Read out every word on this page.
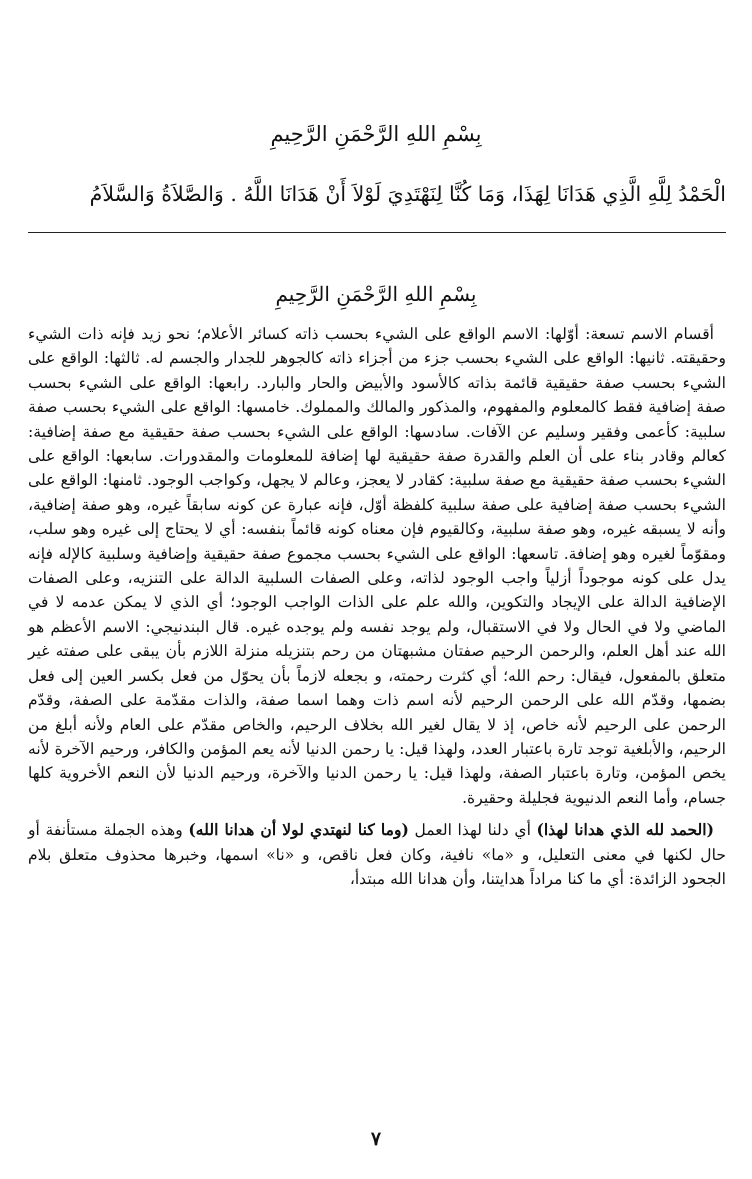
بِسْمِ اللهِ الرَّحْمَنِ الرَّحِيمِ
الْحَمْدُ لِلَّهِ الَّذِي هَدَانَا لِهَذَا، وَمَا كُنَّا لِنَهْتَدِيَ لَوْلاَ أَنْ هَدَانَا اللَّهُ . وَالصَّلاَةُ وَالسَّلاَمُ
بِسْمِ اللهِ الرَّحْمَنِ الرَّحِيمِ

أقسام الاسم تسعة: أوّلها: الاسم الواقع على الشيء بحسب ذاته كسائر الأعلام؛ نحو زيد فإنه ذات الشيء وحقيقته. ثانيها: الواقع على الشيء بحسب جزء من أجزاء ذاته كالجوهر للجدار والجسم له. ثالثها: الواقع على الشيء بحسب صفة حقيقية قائمة بذاته كالأسود والأبيض والحار والبارد. رابعها: الواقع على الشيء بحسب صفة إضافية فقط كالمعلوم والمفهوم، والمذكور والمالك والمملوك. خامسها: الواقع على الشيء بحسب صفة سلبية: كأعمى وفقير وسليم عن الآفات. سادسها: الواقع على الشيء بحسب صفة حقيقية مع صفة إضافية: كعالم وقادر بناء على أن العلم والقدرة صفة حقيقية لها إضافة للمعلومات والمقدورات. سابعها: الواقع على الشيء بحسب صفة حقيقية مع صفة سلبية: كقادر لا يعجز، وعالم لا يجهل، وكواجب الوجود. ثامنها: الواقع على الشيء بحسب صفة إضافية على صفة سلبية كلفظة أوّل، فإنه عبارة عن كونه سابقاً غيره، وهو صفة إضافية، وأنه لا يسبقه غيره، وهو صفة سلبية، وكالقيوم فإن معناه كونه قائماً بنفسه: أي لا يحتاج إلى غيره وهو سلب، ومقوّماً لغيره وهو إضافة. تاسعها: الواقع على الشيء بحسب مجموع صفة حقيقية وإضافية وسلبية كالإله فإنه يدل على كونه موجوداً أزلياً واجب الوجود لذاته، وعلى الصفات السلبية الدالة على التنزيه، وعلى الصفات الإضافية الدالة على الإيجاد والتكوين، والله علم على الذات الواجب الوجود؛ أي الذي لا يمكن عدمه لا في الماضي ولا في الحال ولا في الاستقبال، ولم يوجد نفسه ولم يوجده غيره. قال البندنيجي: الاسم الأعظم هو الله عند أهل العلم، والرحمن الرحيم صفتان مشبهتان من رحم بتنزيله منزلة اللازم بأن يبقى على صفته غير متعلق بالمفعول، فيقال: رحم الله؛ أي كثرت رحمته، و بجعله لازماً بأن يحوّل من فعل بكسر العين إلى فعل بضمها، وقدّم الله على الرحمن الرحيم لأنه اسم ذات وهما اسما صفة، والذات مقدّمة على الصفة، وقدّم الرحمن على الرحيم لأنه خاص، إذ لا يقال لغير الله بخلاف الرحيم، والخاص مقدّم على العام ولأنه أبلغ من الرحيم، والأبلغية توجد تارة باعتبار العدد، ولهذا قيل: يا رحمن الدنيا لأنه يعم المؤمن والكافر، ورحيم الآخرة لأنه يخص المؤمن، وتارة باعتبار الصفة، ولهذا قيل: يا رحمن الدنيا والآخرة، ورحيم الدنيا لأن النعم الأخروية كلها جسام، وأما النعم الدنيوية فجليلة وحقيرة.

(الحمد لله الذي هدانا لهذا) أي دلنا لهذا العمل (وما كنا لنهتدي لولا أن هدانا الله) وهذه الجملة مستأنفة أو حال لكنها في معنى التعليل، و «ما» نافية، وكان فعل ناقص، و «نا» اسمها، وخبرها محذوف متعلق بلام الجحود الزائدة: أي ما كنا مراداً هدايتنا، وأن هدانا الله مبتدأ،

٧
